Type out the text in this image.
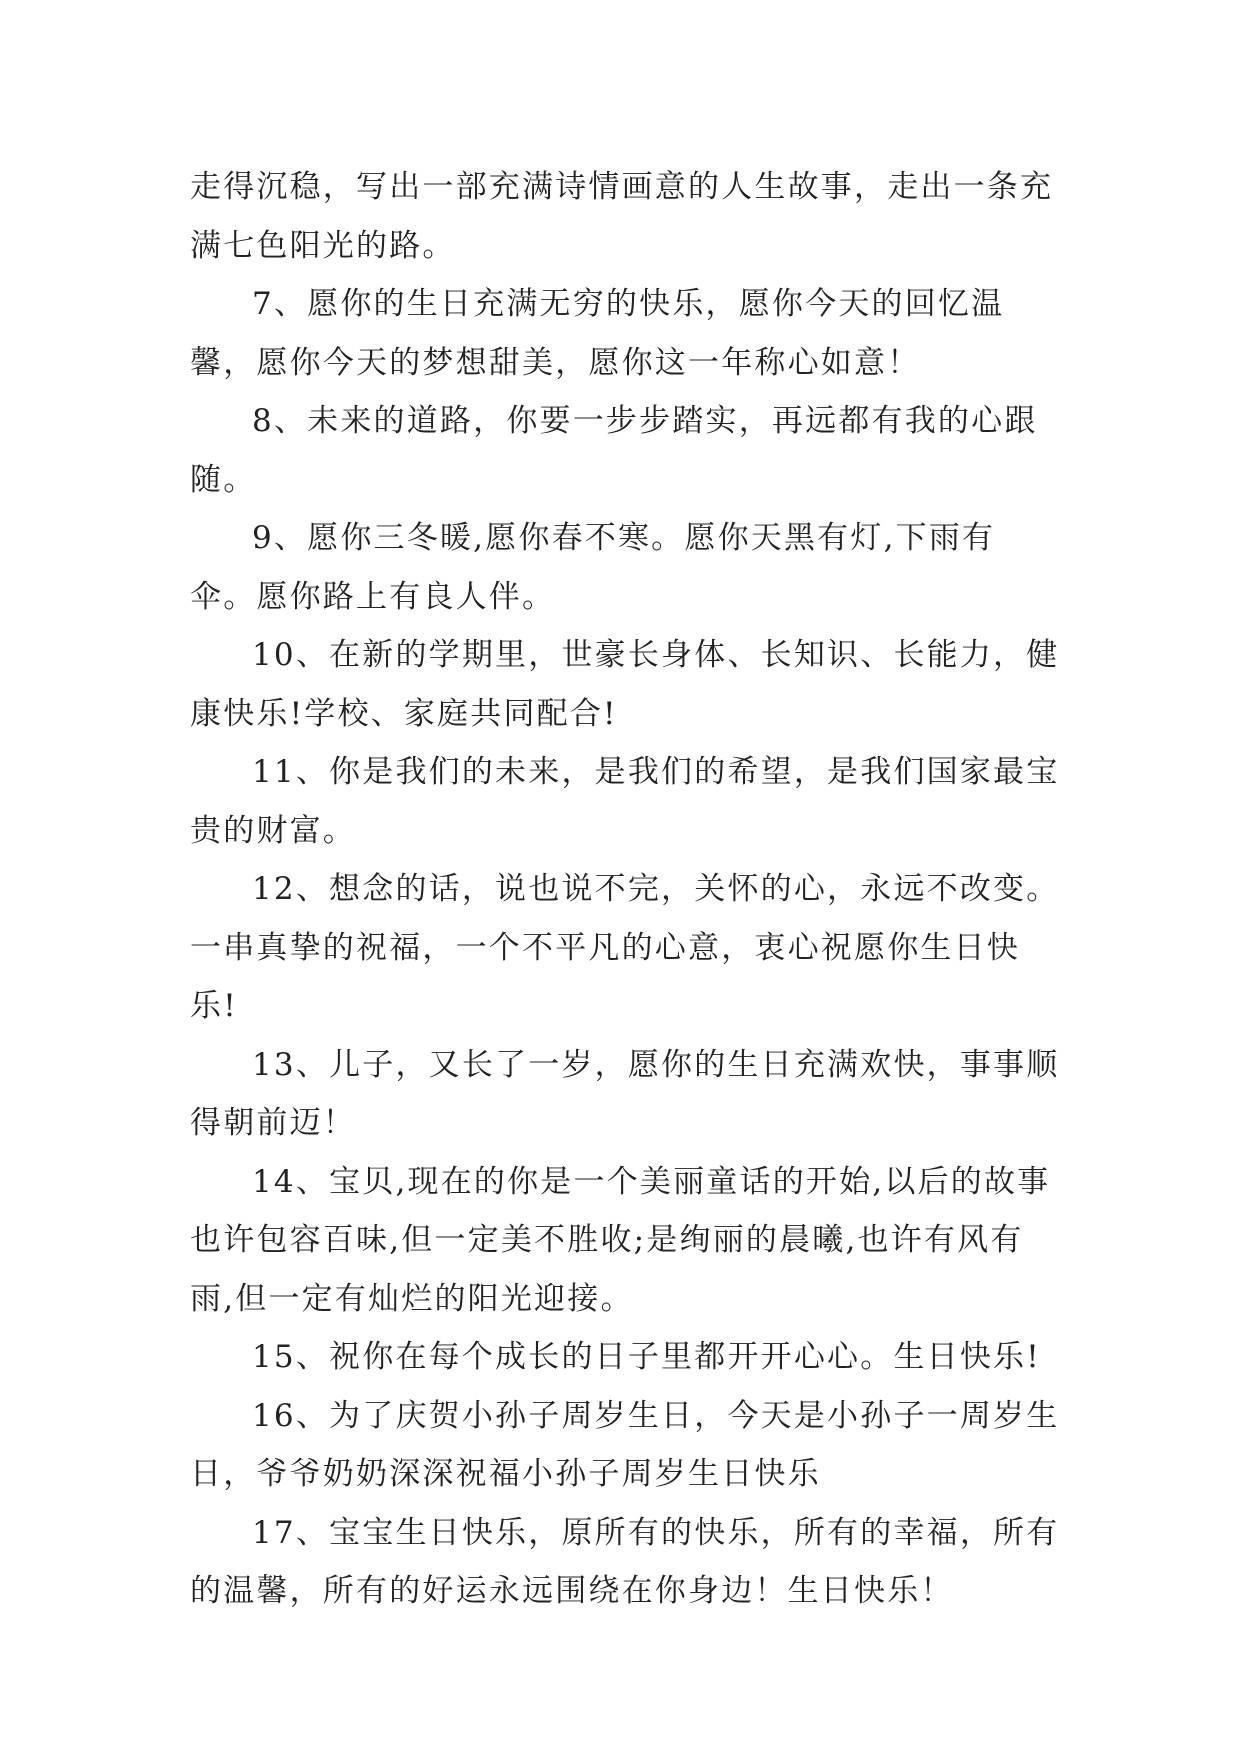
走得沉稳，写出一部充满诗情画意的人生故事，走出一条充满七色阳光的路。

7、愿你的生日充满无穷的快乐，愿你今天的回忆温馨，愿你今天的梦想甜美，愿你这一年称心如意！

8、未来的道路，你要一步步踏实，再远都有我的心跟随。

9、愿你三冬暖,愿你春不寒。愿你天黑有灯,下雨有伞。愿你路上有良人伴。

10、在新的学期里，世豪长身体、长知识、长能力，健康快乐!学校、家庭共同配合!

11、你是我们的未来，是我们的希望，是我们国家最宝贵的财富。

12、想念的话，说也说不完，关怀的心，永远不改变。一串真挚的祝福，一个不平凡的心意，衷心祝愿你生日快乐!

13、儿子，又长了一岁，愿你的生日充满欢快，事事顺得朝前迈！

14、宝贝,现在的你是一个美丽童话的开始,以后的故事也许包容百味,但一定美不胜收;是绚丽的晨曦,也许有风有雨,但一定有灿烂的阳光迎接。

15、祝你在每个成长的日子里都开开心心。生日快乐!

16、为了庆贺小孙子周岁生日，今天是小孙子一周岁生日，爷爷奶奶深深祝福小孙子周岁生日快乐

17、宝宝生日快乐，原所有的快乐，所有的幸福，所有的温馨，所有的好运永远围绕在你身边！生日快乐！
